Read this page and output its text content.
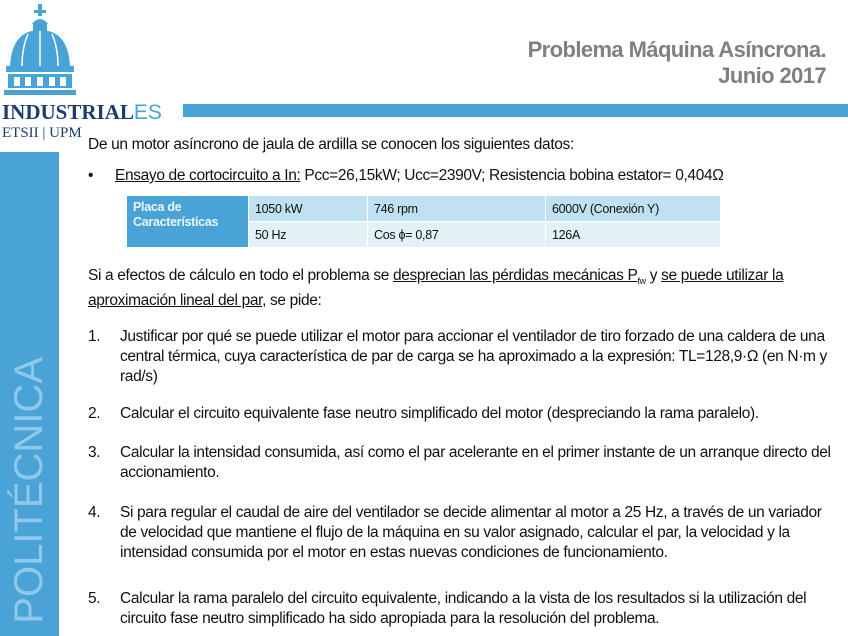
POLITÉCNICA
INDUSTRIALES
ETSII | UPM
Problema Máquina Asíncrona.
Junio 2017
De un motor asíncrono de jaula de ardilla se conocen los siguientes datos:
• Ensayo de cortocircuito a In: Pcc=26,15kW; Ucc=2390V; Resistencia bobina estator= 0,404Ω
Placa de Características	1050 kW	746 rpm	6000V (Conexión Y)
	50 Hz	Cos ϕ= 0,87	126A
Si a efectos de cálculo en todo el problema se desprecian las pérdidas mecánicas $P_{fw}$ y se puede utilizar la aproximación lineal del par, se pide:
1. Justificar por qué se puede utilizar el motor para accionar el ventilador de tiro forzado de una caldera de una central térmica, cuya característica de par de carga se ha aproximado a la expresión: TL=128,9·Ω (en N·m y rad/s)
2. Calcular el circuito equivalente fase neutro simplificado del motor (despreciando la rama paralelo).
3. Calcular la intensidad consumida, así como el par acelerante en el primer instante de un arranque directo del accionamiento.
4. Si para regular el caudal de aire del ventilador se decide alimentar al motor a 25 Hz, a través de un variador de velocidad que mantiene el flujo de la máquina en su valor asignado, calcular el par, la velocidad y la intensidad consumida por el motor en estas nuevas condiciones de funcionamiento.
5. Calcular la rama paralelo del circuito equivalente, indicando a la vista de los resultados si la utilización del circuito fase neutro simplificado ha sido apropiada para la resolución del problema.
